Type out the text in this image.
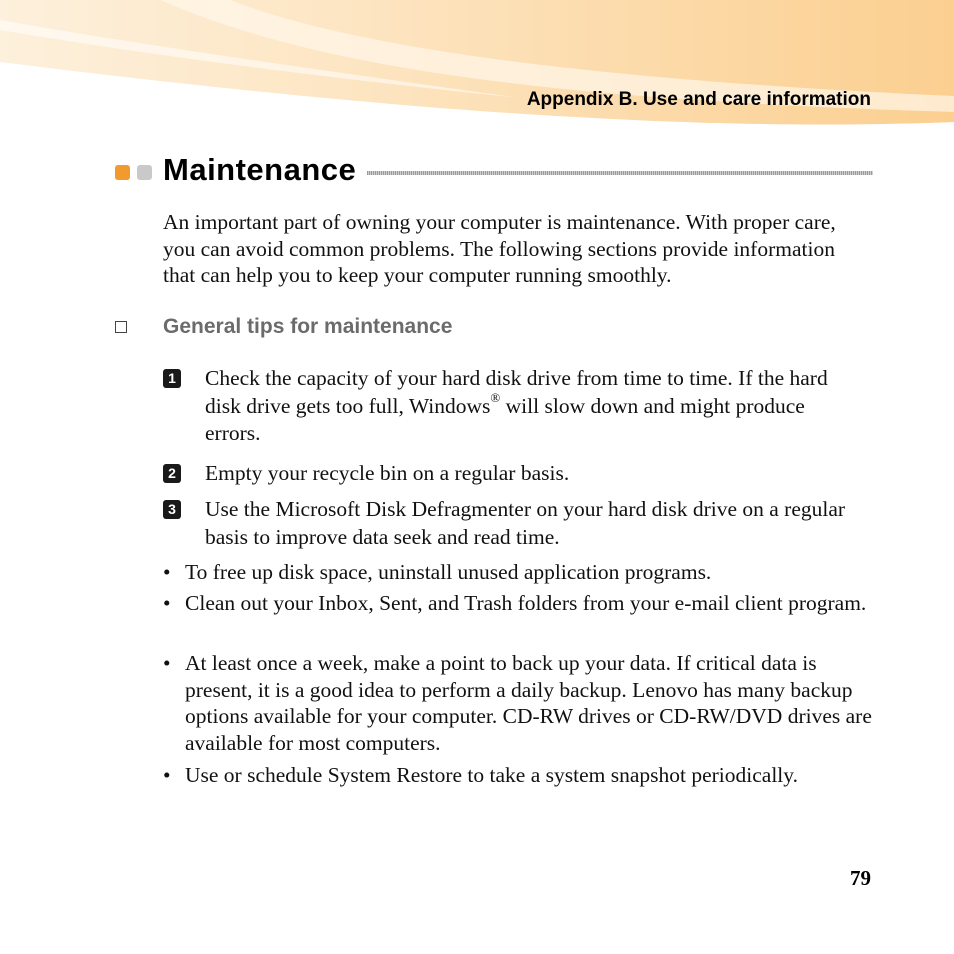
Appendix B. Use and care information
Maintenance
An important part of owning your computer is maintenance. With proper care, you can avoid common problems. The following sections provide information that can help you to keep your computer running smoothly.
General tips for maintenance
1 Check the capacity of your hard disk drive from time to time. If the hard disk drive gets too full, Windows® will slow down and might produce errors.
2 Empty your recycle bin on a regular basis.
3 Use the Microsoft Disk Defragmenter on your hard disk drive on a regular basis to improve data seek and read time.
• To free up disk space, uninstall unused application programs.
• Clean out your Inbox, Sent, and Trash folders from your e-mail client program.
• At least once a week, make a point to back up your data. If critical data is present, it is a good idea to perform a daily backup. Lenovo has many backup options available for your computer. CD-RW drives or CD-RW/DVD drives are available for most computers.
• Use or schedule System Restore to take a system snapshot periodically.
79
